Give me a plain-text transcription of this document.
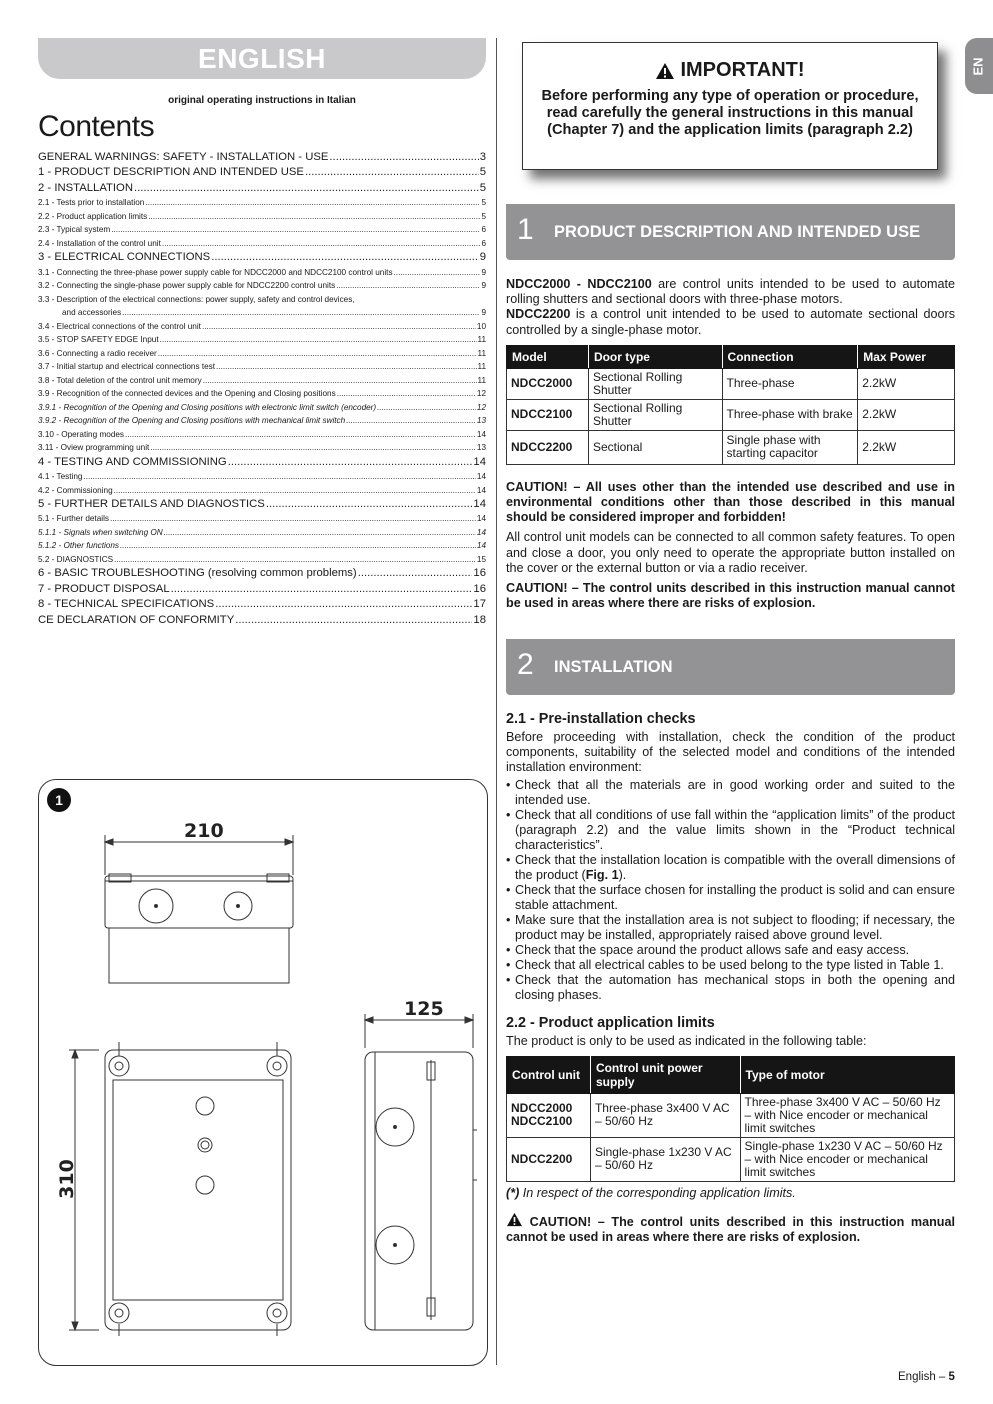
EN
ENGLISH
original operating instructions in Italian
Contents
GENERAL WARNINGS: SAFETY - INSTALLATION - USE .....	3
1 - PRODUCT DESCRIPTION AND INTENDED USE .....	5
2 - INSTALLATION .....	5
2.1 - Tests prior to installation .....	5
2.2 - Product application limits .....	5
2.3 - Typical system .....	6
2.4 - Installation of the control unit .....	6
3 - ELECTRICAL CONNECTIONS .....	9
3.1 - Connecting the three-phase power supply cable for NDCC2000 and NDCC2100 control units .....	9
3.2 - Connecting the single-phase power supply cable for NDCC2200 control units .....	9
3.3 - Description of the electrical connections: power supply, safety and control devices,
and accessories .....	9
3.4 - Electrical connections of the control unit .....	10
3.5 - STOP SAFETY EDGE Input .....	11
3.6 - Connecting a radio receiver .....	11
3.7 - Initial startup and electrical connections test .....	11
3.8 - Total deletion of the control unit memory .....	11
3.9 - Recognition of the connected devices and the Opening and Closing positions .....	12
3.9.1 - Recognition of the Opening and Closing positions with electronic limit switch (encoder) .....	12
3.9.2 - Recognition of the Opening and Closing positions with mechanical limit switch .....	13
3.10 - Operating modes .....	14
3.11 - Oview programming unit .....	13
4 - TESTING AND COMMISSIONING .....	14
4.1 - Testing .....	14
4.2 - Commissioning .....	14
5 - FURTHER DETAILS AND DIAGNOSTICS .....	14
5.1 - Further details .....	14
5.1.1 - Signals when switching ON .....	14
5.1.2 - Other functions .....	14
5.2 - DIAGNOSTICS .....	15
6 - BASIC TROUBLESHOOTING (resolving common problems) .....	16
7 - PRODUCT DISPOSAL .....	16
8 - TECHNICAL SPECIFICATIONS .....	17
CE DECLARATION OF CONFORMITY .....	18
1
210
125
310
IMPORTANT!
Before performing any type of operation or procedure, read carefully the general instructions in this manual (Chapter 7) and the application limits (paragraph 2.2)
1 PRODUCT DESCRIPTION AND INTENDED USE

NDCC2000 - NDCC2100 are control units intended to be used to automate rolling shutters and sectional doors with three-phase motors.

NDCC2200 is a control unit intended to be used to automate sectional doors controlled by a single-phase motor.

Model	Door type	Connection	Max Power
NDCC2000	Sectional Rolling Shutter	Three-phase	2.2kW
NDCC2100	Sectional Rolling Shutter	Three-phase with brake	2.2kW
NDCC2200	Sectional	Single phase with starting capacitor	2.2kW

CAUTION! – All uses other than the intended use described and use in environmental conditions other than those described in this manual should be considered improper and forbidden!

All control unit models can be connected to all common safety features. To open and close a door, you only need to operate the appropriate button installed on the cover or the external button or via a radio receiver.

CAUTION! – The control units described in this instruction manual cannot be used in areas where there are risks of explosion.

2 INSTALLATION
2.1 - Pre-installation checks

Before proceeding with installation, check the condition of the product components, suitability of the selected model and conditions of the intended installation environment:

• Check that all the materials are in good working order and suited to the intended use.
• Check that all conditions of use fall within the “application limits” of the product (paragraph 2.2) and the value limits shown in the “Product technical characteristics”.
• Check that the installation location is compatible with the overall dimensions of the product (Fig. 1).
• Check that the surface chosen for installing the product is solid and can ensure stable attachment.
• Make sure that the installation area is not subject to flooding; if necessary, the product may be installed, appropriately raised above ground level.
• Check that the space around the product allows safe and easy access.
• Check that all electrical cables to be used belong to the type listed in Table 1.
• Check that the automation has mechanical stops in both the opening and closing phases.
2.2 - Product application limits

The product is only to be used as indicated in the following table:

Control unit	Control unit power supply	Type of motor
NDCC2000
NDCC2100	Three-phase 3x400 V AC – 50/60 Hz	Three-phase 3x400 V AC – 50/60 Hz – with Nice encoder or mechanical limit switches
NDCC2200	Single-phase 1x230 V AC – 50/60 Hz	Single-phase 1x230 V AC – 50/60 Hz – with Nice encoder or mechanical limit switches

(*) In respect of the corresponding application limits.

CAUTION! – The control units described in this instruction manual cannot be used in areas where there are risks of explosion.

English – 5
